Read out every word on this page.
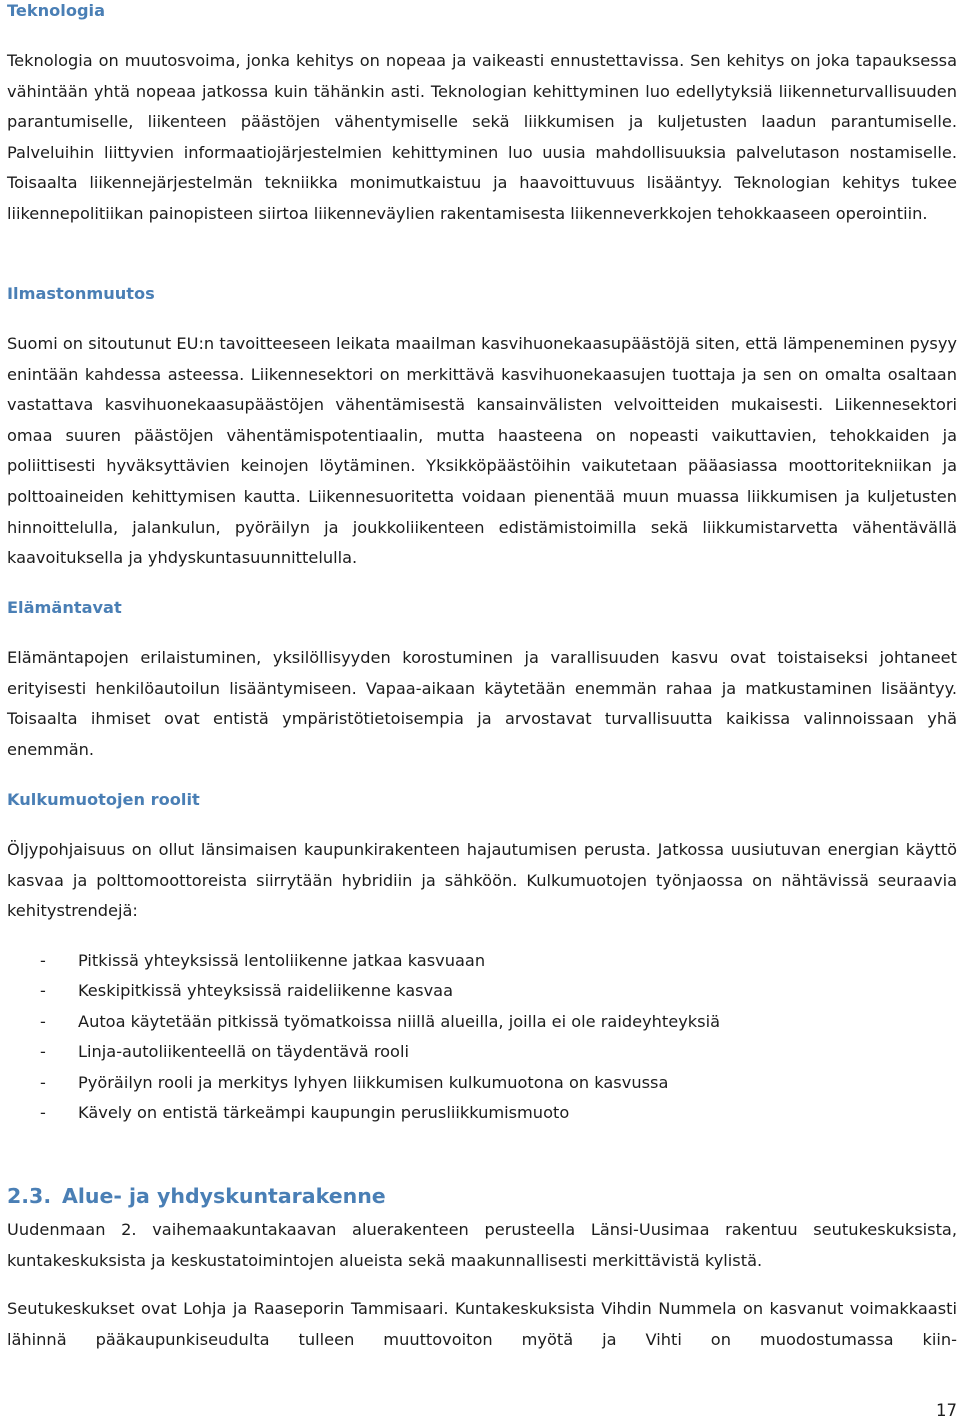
Teknologia

Teknologia on muutosvoima, jonka kehitys on nopeaa ja vaikeasti ennustettavissa. Sen kehitys on joka tapauksessa vähintään yhtä nopeaa jatkossa kuin tähänkin asti. Teknologian kehittyminen luo edellytyksiä liikenneturvallisuuden parantumiselle, liikenteen päästöjen vähentymiselle sekä liikkumisen ja kuljetusten laadun parantumiselle. Palveluihin liittyvien informaatiojärjestelmien kehittyminen luo uusia mahdollisuuksia palvelutason nostamiselle. Toisaalta liikennejärjestelmän tekniikka monimutkaistuu ja haavoittuvuus lisääntyy. Teknologian kehitys tukee liikennepolitiikan painopisteen siirtoa liikenneväylien rakentamisesta liikenneverkkojen tehokkaaseen operointiin.

Ilmastonmuutos

Suomi on sitoutunut EU:n tavoitteeseen leikata maailman kasvihuonekaasupäästöjä siten, että lämpeneminen pysyy enintään kahdessa asteessa. Liikennesektori on merkittävä kasvihuonekaasujen tuottaja ja sen on omalta osaltaan vastattava kasvihuonekaasupäästöjen vähentämisestä kansainvälisten velvoitteiden mukaisesti. Liikennesektori omaa suuren päästöjen vähentämispotentiaalin, mutta haasteena on nopeasti vaikuttavien, tehokkaiden ja poliittisesti hyväksyttävien keinojen löytäminen. Yksikköpäästöihin vaikutetaan pääasiassa moottoritekniikan ja polttoaineiden kehittymisen kautta. Liikennesuoritetta voidaan pienentää muun muassa liikkumisen ja kuljetusten hinnoittelulla, jalankulun, pyöräilyn ja joukkoliikenteen edistämistoimilla sekä liikkumistarvetta vähentävällä kaavoituksella ja yhdyskuntasuunnittelulla.

Elämäntavat

Elämäntapojen erilaistuminen, yksilöllisyyden korostuminen ja varallisuuden kasvu ovat toistaiseksi johtaneet erityisesti henkilöautoilun lisääntymiseen. Vapaa-aikaan käytetään enemmän rahaa ja matkustaminen lisääntyy. Toisaalta ihmiset ovat entistä ympäristötietoisempia ja arvostavat turvallisuutta kaikissa valinnoissaan yhä enemmän.

Kulkumuotojen roolit

Öljypohjaisuus on ollut länsimaisen kaupunkirakenteen hajautumisen perusta. Jatkossa uusiutuvan energian käyttö kasvaa ja polttomoottoreista siirrytään hybridiin ja sähköön. Kulkumuotojen työnjaossa on nähtävissä seuraavia kehitystrendejä:

- Pitkissä yhteyksissä lentoliikenne jatkaa kasvuaan
- Keskipitkissä yhteyksissä raideliikenne kasvaa
- Autoa käytetään pitkissä työmatkoissa niillä alueilla, joilla ei ole raideyhteyksiä
- Linja-autoliikenteellä on täydentävä rooli
- Pyöräilyn rooli ja merkitys lyhyen liikkumisen kulkumuotona on kasvussa
- Kävely on entistä tärkeämpi kaupungin perusliikkumismuoto
2.3. Alue- ja yhdyskuntarakenne

Uudenmaan 2. vaihemaakuntakaavan aluerakenteen perusteella Länsi-Uusimaa rakentuu seutukeskuksista, kuntakeskuksista ja keskustatoimintojen alueista sekä maakunnallisesti merkittävistä kylistä.

Seutukeskukset ovat Lohja ja Raaseporin Tammisaari. Kuntakeskuksista Vihdin Nummela on kasvanut voimakkaasti lähinnä pääkaupunkiseudulta tulleen muuttovoiton myötä ja Vihti on muodostumassa kiin-

17
